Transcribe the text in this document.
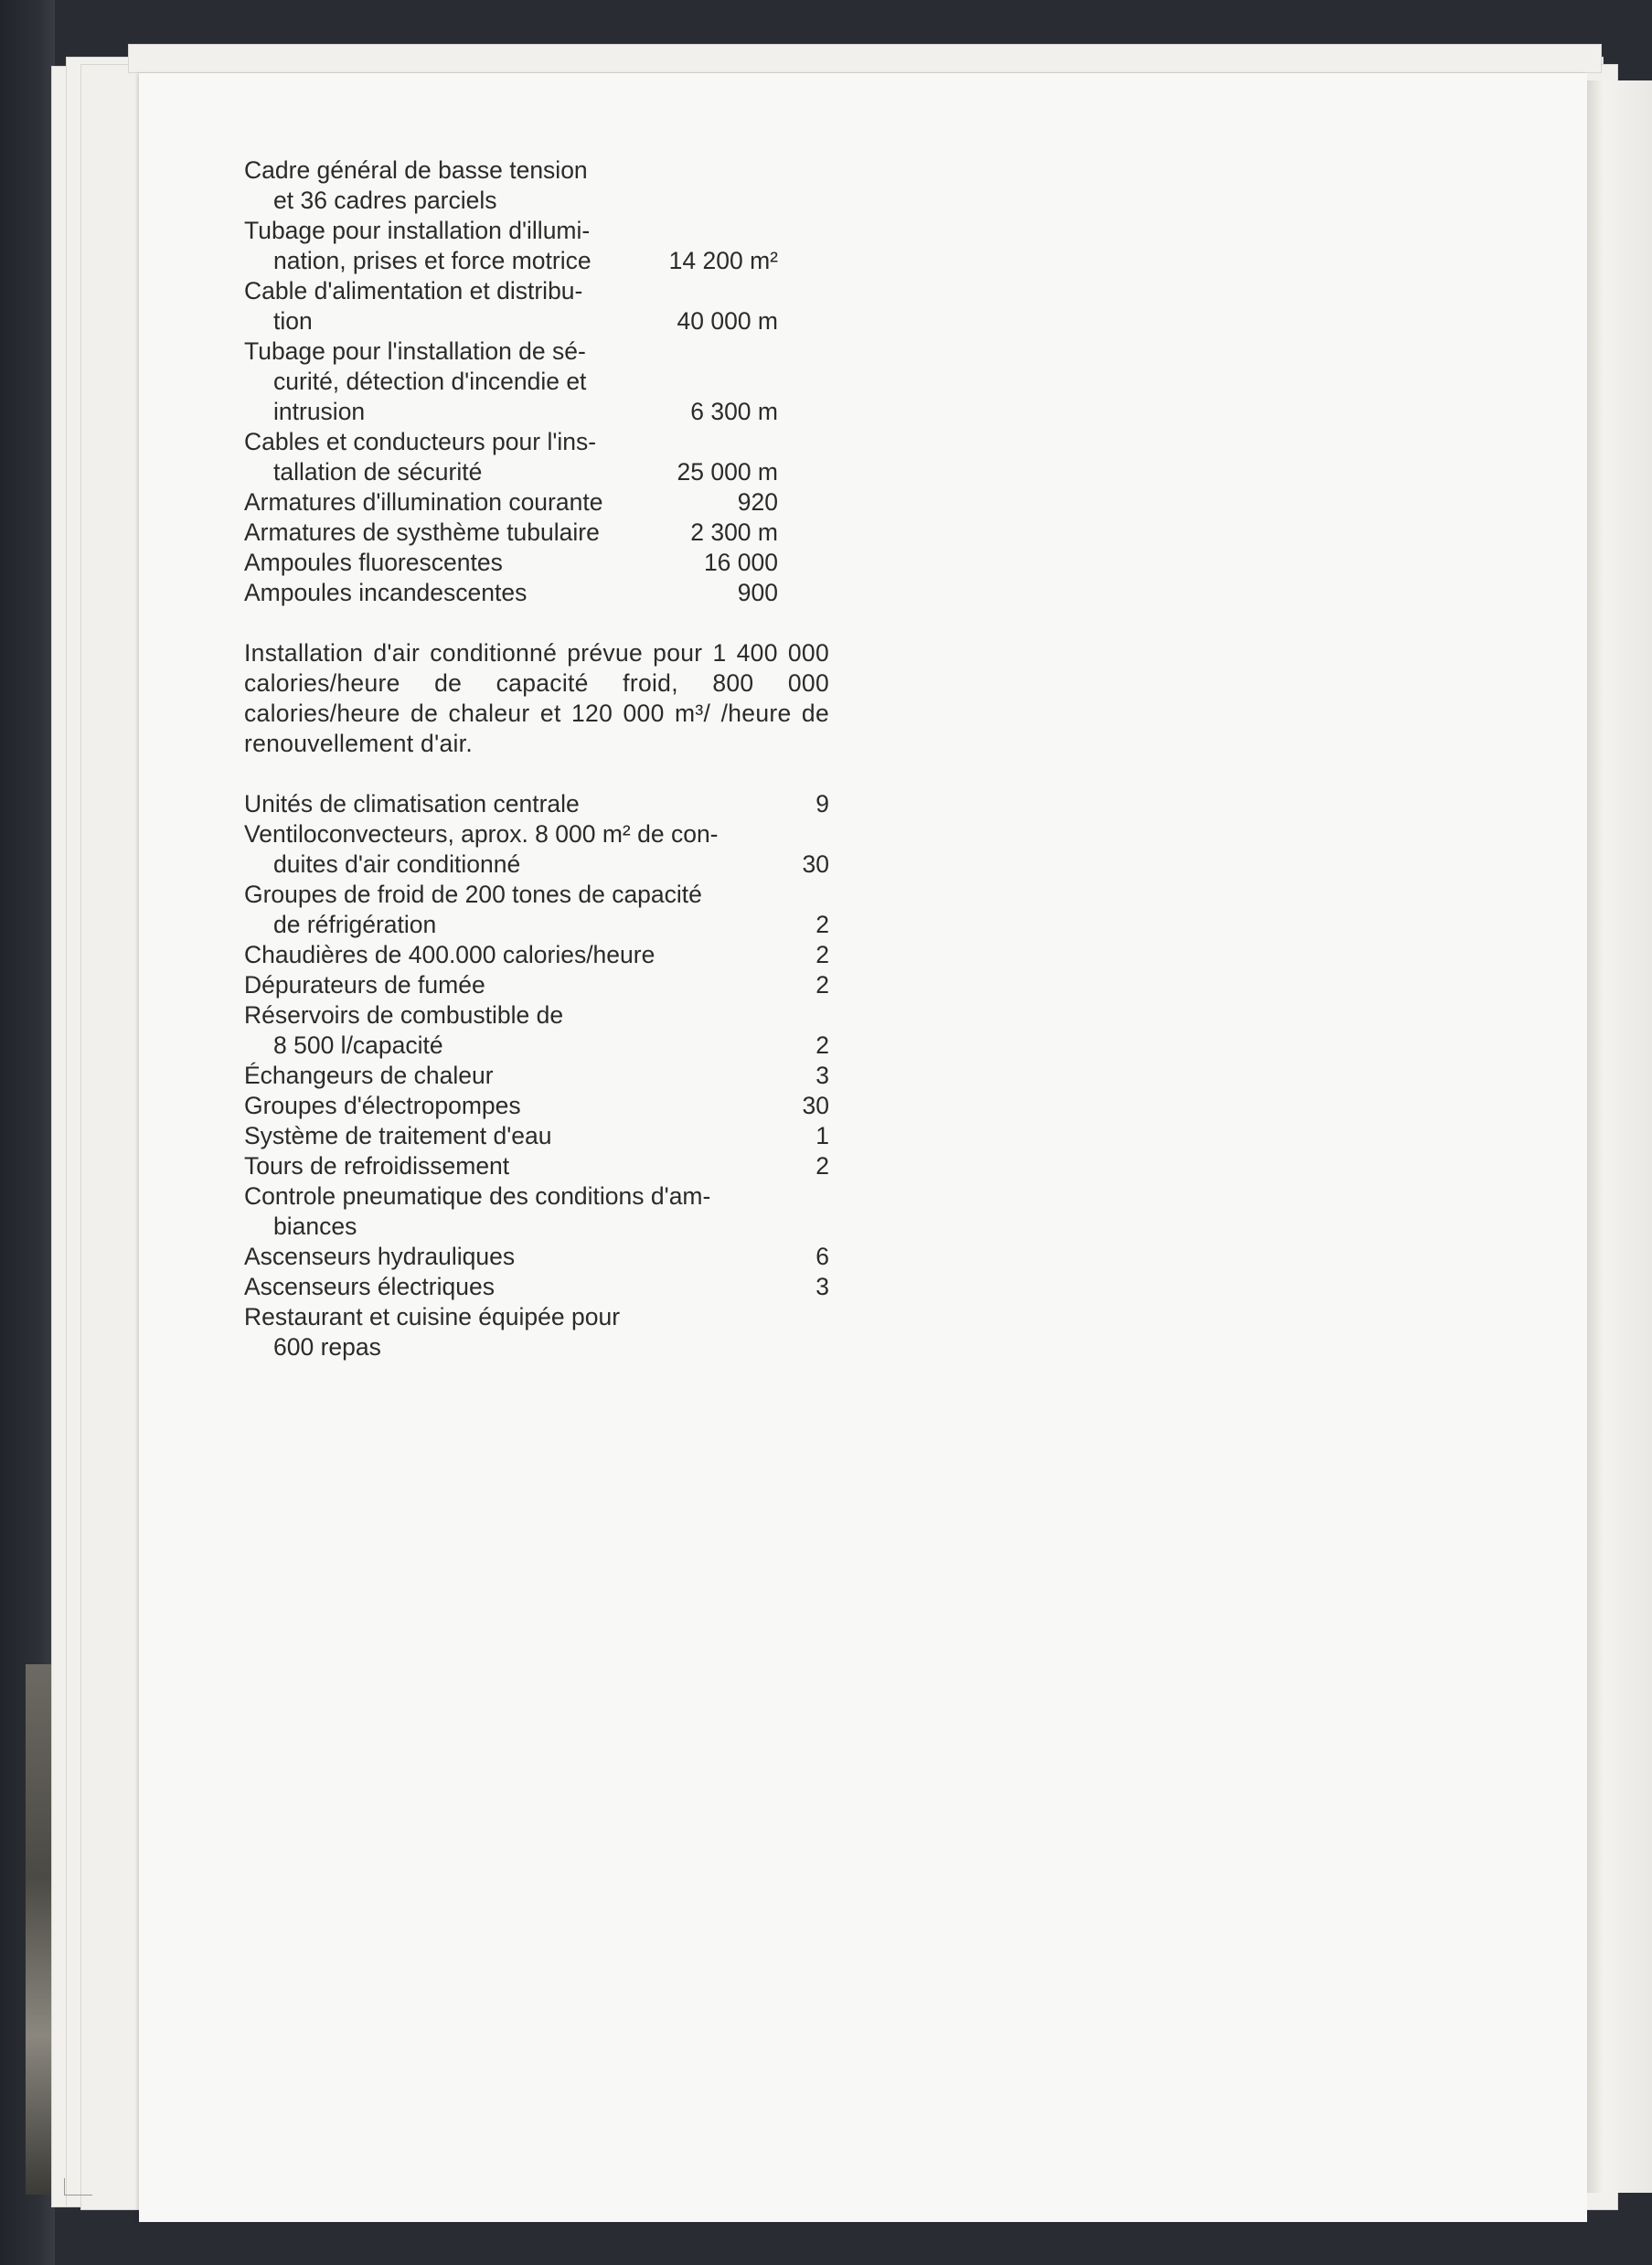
Cadre général de basse tension
et 36 cadres parciels
Tubage pour installation d'illumi-
nation, prises et force motrice	14 200 m²
Cable d'alimentation et distribu-
tion	40 000 m
Tubage pour l'installation de sé-
curité, détection d'incendie et
intrusion	6 300 m
Cables et conducteurs pour l'ins-
tallation de sécurité	25 000 m
Armatures d'illumination courante	920
Armatures de systhème tubulaire	2 300 m
Ampoules fluorescentes	16 000
Ampoules incandescentes	900
Installation d'air conditionné prévue pour 1 400 000 calories/heure de capacité froid, 800 000 calories/heure de chaleur et 120 000 m³/ /heure de renouvellement d'air.
Unités de climatisation centrale	9
Ventiloconvecteurs, aprox. 8 000 m² de con-
duites d'air conditionné	30
Groupes de froid de 200 tones de capacité
de réfrigération	2
Chaudières de 400.000 calories/heure	2
Dépurateurs de fumée	2
Réservoirs de combustible de
8 500 l/capacité	2
Échangeurs de chaleur	3
Groupes d'électropompes	30
Système de traitement d'eau	1
Tours de refroidissement	2
Controle pneumatique des conditions d'am-
biances
Ascenseurs hydrauliques	6
Ascenseurs électriques	3
Restaurant et cuisine équipée pour
600 repas
